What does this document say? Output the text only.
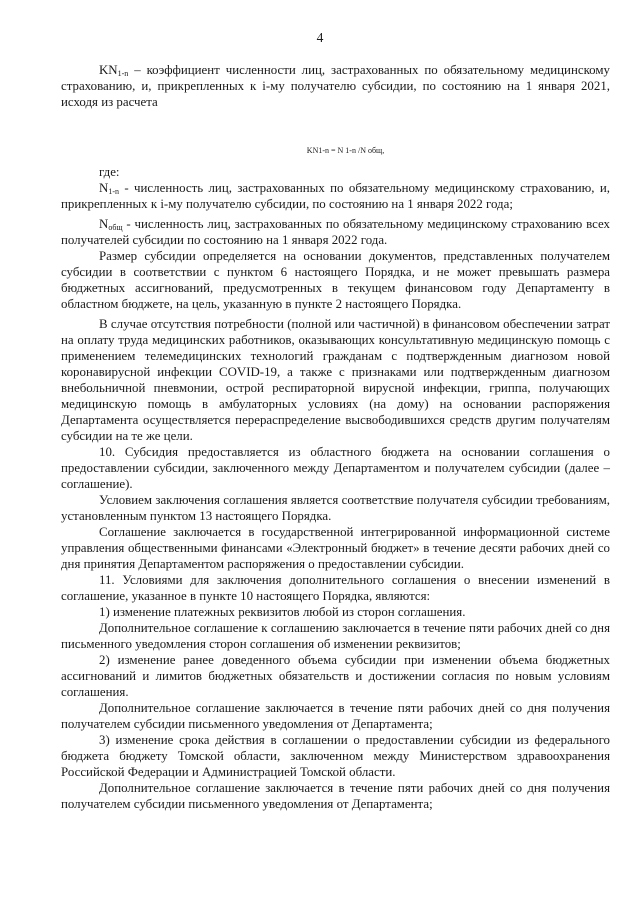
4

$KN_{1-n}$ – коэффициент численности лиц, застрахованных по обязательному медицинскому страхованию, и, прикрепленных к i-му получателю субсидии, по состоянию на 1 января 2021, исходя из расчета

KN1-n = N 1-n /N общ,

где:

$N_{1-n}$ - численность лиц, застрахованных по обязательному медицинскому страхованию, и, прикрепленных к i-му получателю субсидии, по состоянию на 1 января 2022 года;

$N_{общ}$ - численность лиц, застрахованных по обязательному медицинскому страхованию всех получателей субсидии по состоянию на 1 января 2022 года.

Размер субсидии определяется на основании документов, представленных получателем субсидии в соответствии с пунктом 6 настоящего Порядка, и не может превышать размера бюджетных ассигнований, предусмотренных в текущем финансовом году Департаменту в областном бюджете, на цель, указанную в пункте 2 настоящего Порядка.

В случае отсутствия потребности (полной или частичной) в финансовом обеспечении затрат на оплату труда медицинских работников, оказывающих консультативную медицинскую помощь с применением телемедицинских технологий гражданам с подтвержденным диагнозом новой коронавирусной инфекции COVID-19, а также с признаками или подтвержденным диагнозом внебольничной пневмонии, острой респираторной вирусной инфекции, гриппа, получающих медицинскую помощь в амбулаторных условиях (на дому) на основании распоряжения Департамента осуществляется перераспределение высвободившихся средств другим получателям субсидии на те же цели.

10. Субсидия предоставляется из областного бюджета на основании соглашения о предоставлении субсидии, заключенного между Департаментом и получателем субсидии (далее – соглашение).

Условием заключения соглашения является соответствие получателя субсидии требованиям, установленным пунктом 13 настоящего Порядка.

Соглашение заключается в государственной интегрированной информационной системе управления общественными финансами «Электронный бюджет» в течение десяти рабочих дней со дня принятия Департаментом распоряжения о предоставлении субсидии.

11. Условиями для заключения дополнительного соглашения о внесении изменений в соглашение, указанное в пункте 10 настоящего Порядка, являются:

1) изменение платежных реквизитов любой из сторон соглашения.

Дополнительное соглашение к соглашению заключается в течение пяти рабочих дней со дня письменного уведомления сторон соглашения об изменении реквизитов;

2) изменение ранее доведенного объема субсидии при изменении объема бюджетных ассигнований и лимитов бюджетных обязательств и достижении согласия по новым условиям соглашения.

Дополнительное соглашение заключается в течение пяти рабочих дней со дня получения получателем субсидии письменного уведомления от Департамента;

3) изменение срока действия в соглашении о предоставлении субсидии из федерального бюджета бюджету Томской области, заключенном между Министерством здравоохранения Российской Федерации и Администрацией Томской области.

Дополнительное соглашение заключается в течение пяти рабочих дней со дня получения получателем субсидии письменного уведомления от Департамента;
